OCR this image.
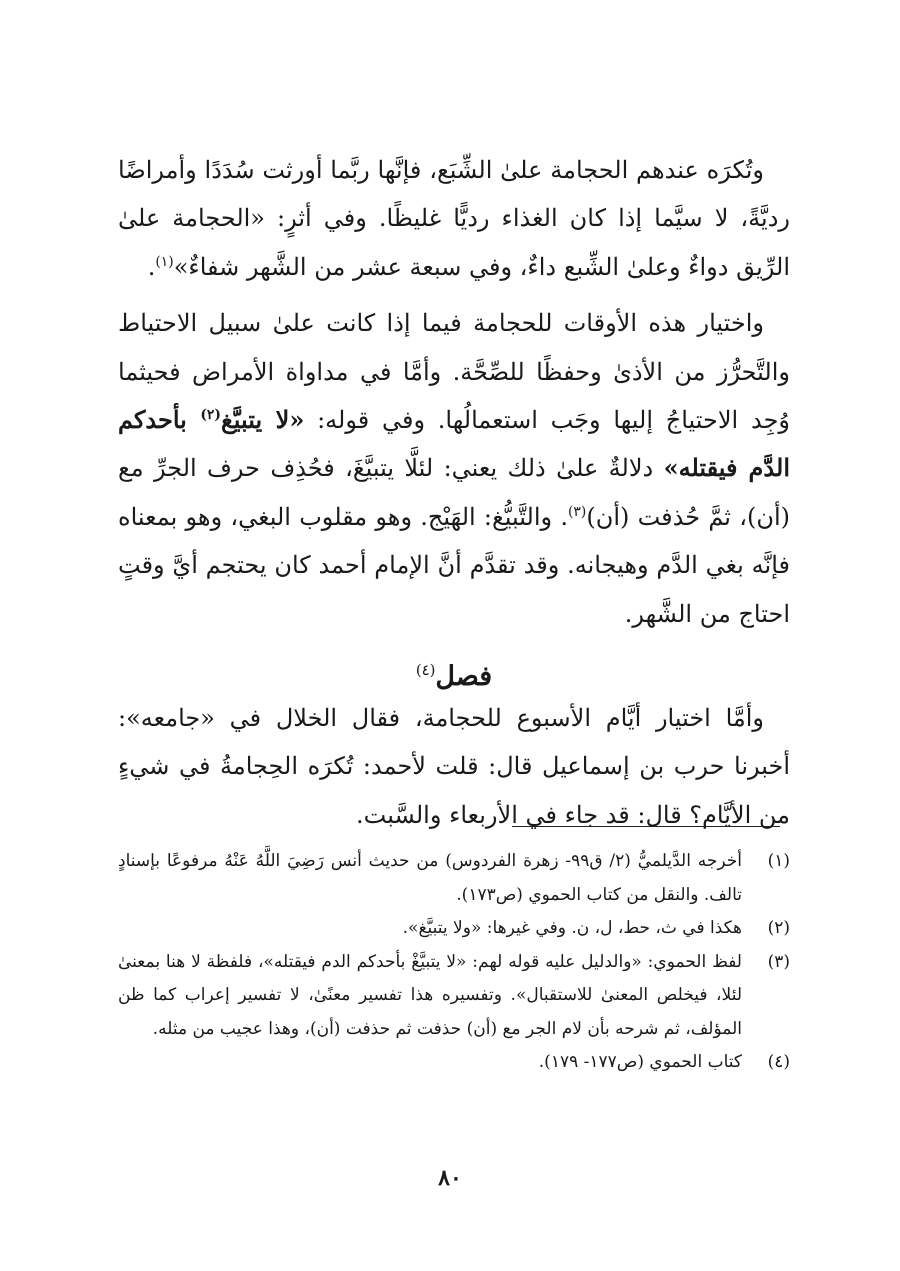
وتُكرَه عندهم الحجامة علىٰ الشِّبَع، فإنَّها ربَّما أورثت سُدَدًا وأمراضًا رديَّةً، لا سيَّما إذا كان الغذاء رديًّا غليظًا. وفي أثرٍ: «الحجامة علىٰ الرِّيق دواءٌ وعلىٰ الشِّبع داءٌ، وفي سبعة عشر من الشَّهر شفاءٌ»$^{(١)}$.

واختيار هذه الأوقات للحجامة فيما إذا كانت علىٰ سبيل الاحتياط والتَّحرُّز من الأذىٰ وحفظًا للصِّحَّة. وأمَّا في مداواة الأمراض فحيثما وُجِد الاحتياجُ إليها وجَب استعمالُها. وفي قوله: «لا يتبيَّغ$^{(٢)}$ بأحدكم الدَّم فيقتله» دلالةٌ علىٰ ذلك يعني: لئلَّا يتبيَّغَ، فحُذِف حرف الجرِّ مع (أن)، ثمَّ حُذفت (أن)$^{(٣)}$. والتَّبيُّغ: الهَيْج. وهو مقلوب البغي، وهو بمعناه فإنَّه بغي الدَّم وهيجانه. وقد تقدَّم أنَّ الإمام أحمد كان يحتجم أيَّ وقتٍ احتاج من الشَّهر.

فصل$^{(٤)}$

وأمَّا اختيار أيَّام الأسبوع للحجامة، فقال الخلال في «جامعه»: أخبرنا حرب بن إسماعيل قال: قلت لأحمد: تُكرَه الحِجامةُ في شيءٍ من الأيَّام؟ قال: قد جاء في الأربعاء والسَّبت.

(١)
أخرجه الدَّيلميُّ (٢/ ق٩٩- زهرة الفردوس) من حديث أنس رَضِيَ اللَّهُ عَنْهُ مرفوعًا بإسنادٍ تالف. والنقل من كتاب الحموي (ص١٧٣).
(٢)
هكذا في ث، حط، ل، ن. وفي غيرها: «ولا يتبيَّغ».
(٣)
لفظ الحموي: «والدليل عليه قوله لهم: «لا يتبيَّغْ بأحدكم الدم فيقتله»، فلفظة لا هنا بمعنىٰ لئلا، فيخلص المعنىٰ للاستقبال». وتفسيره هذا تفسير معنًىٰ، لا تفسير إعراب كما ظن المؤلف، ثم شرحه بأن لام الجر مع (أن) حذفت ثم حذفت (أن)، وهذا عجيب من مثله.
(٤)
كتاب الحموي (ص١٧٧- ١٧٩).
٨٠
